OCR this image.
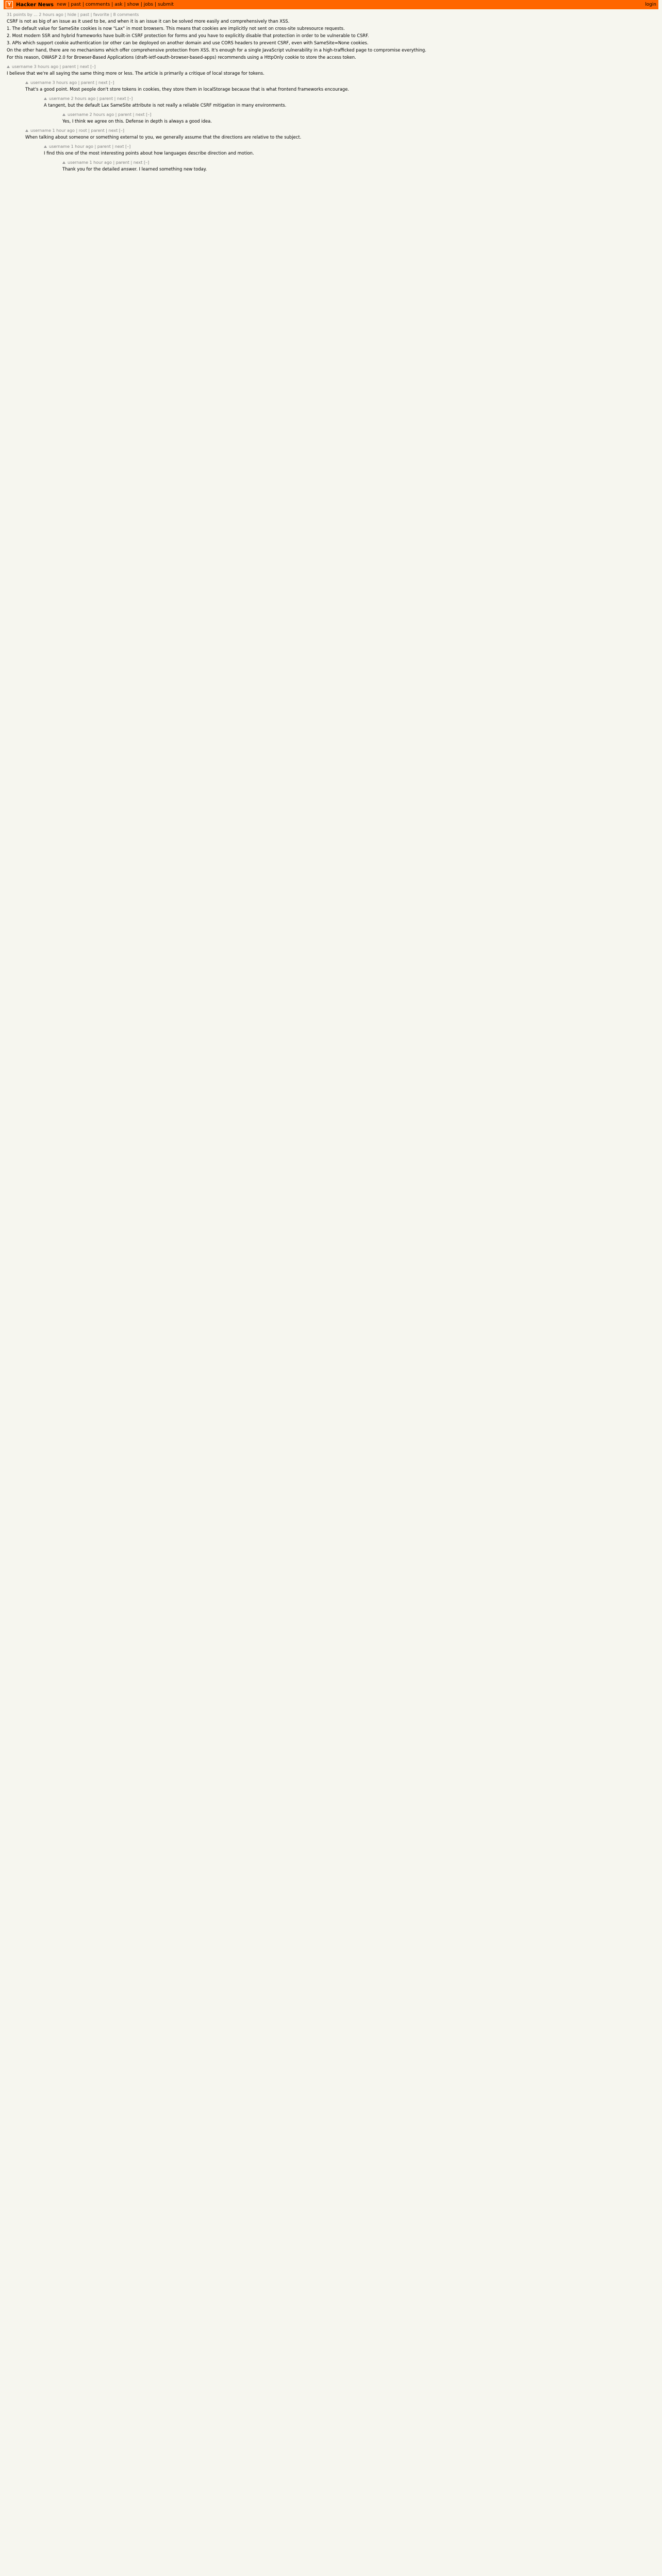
Y Hacker News new | past | comments | ask | show | jobs | submit	login
31 points by ... 2 hours ago | hide | past | favorite | 8 comments
CSRF is not as big of an issue as it used to be, and when it is an issue it can be solved more easily and comprehensively than XSS.
1. The default value for SameSite cookies is now "Lax" in most browsers. This means that cookies are implicitly not sent on cross-site subresource requests.
2. Most modern SSR and hybrid frameworks have built-in CSRF protection for forms and you have to explicitly disable that protection in order to be vulnerable to CSRF.
3. APIs which support cookie authentication (or other can be deployed on another domain and use CORS headers to prevent CSRF, even with SameSite=None cookies.
On the other hand, there are no mechanisms which offer comprehensive protection from XSS. It's enough for a single JavaScript vulnerability in a high-trafficked page to compromise everything.
For this reason, OWASP 2.0 for Browser-Based Applications (draft-ietf-oauth-browser-based-apps) recommends using a HttpOnly cookie to store the access token.
username 3 hours ago | parent | next [–]
I believe that we're all saying the same thing more or less. The article is primarily a critique of local storage for tokens.
username 3 hours ago | parent | next [–]
That's a good point. Most people don't store tokens in cookies, they store them in localStorage because that is what frontend frameworks encourage.
username 2 hours ago | parent | next [–]
A tangent, but the default Lax SameSite attribute is not really a reliable CSRF mitigation in many environments.
username 2 hours ago | parent | next [–]
Yes, I think we agree on this. Defense in depth is always a good idea.
username 1 hour ago | root | parent | next [–]
When talking about someone or something external to you, we generally assume that the directions are relative to the subject.
username 1 hour ago | parent | next [–]
I find this one of the most interesting points about how languages describe direction and motion.
username 1 hour ago | parent | next [–]
Thank you for the detailed answer. I learned something new today.
